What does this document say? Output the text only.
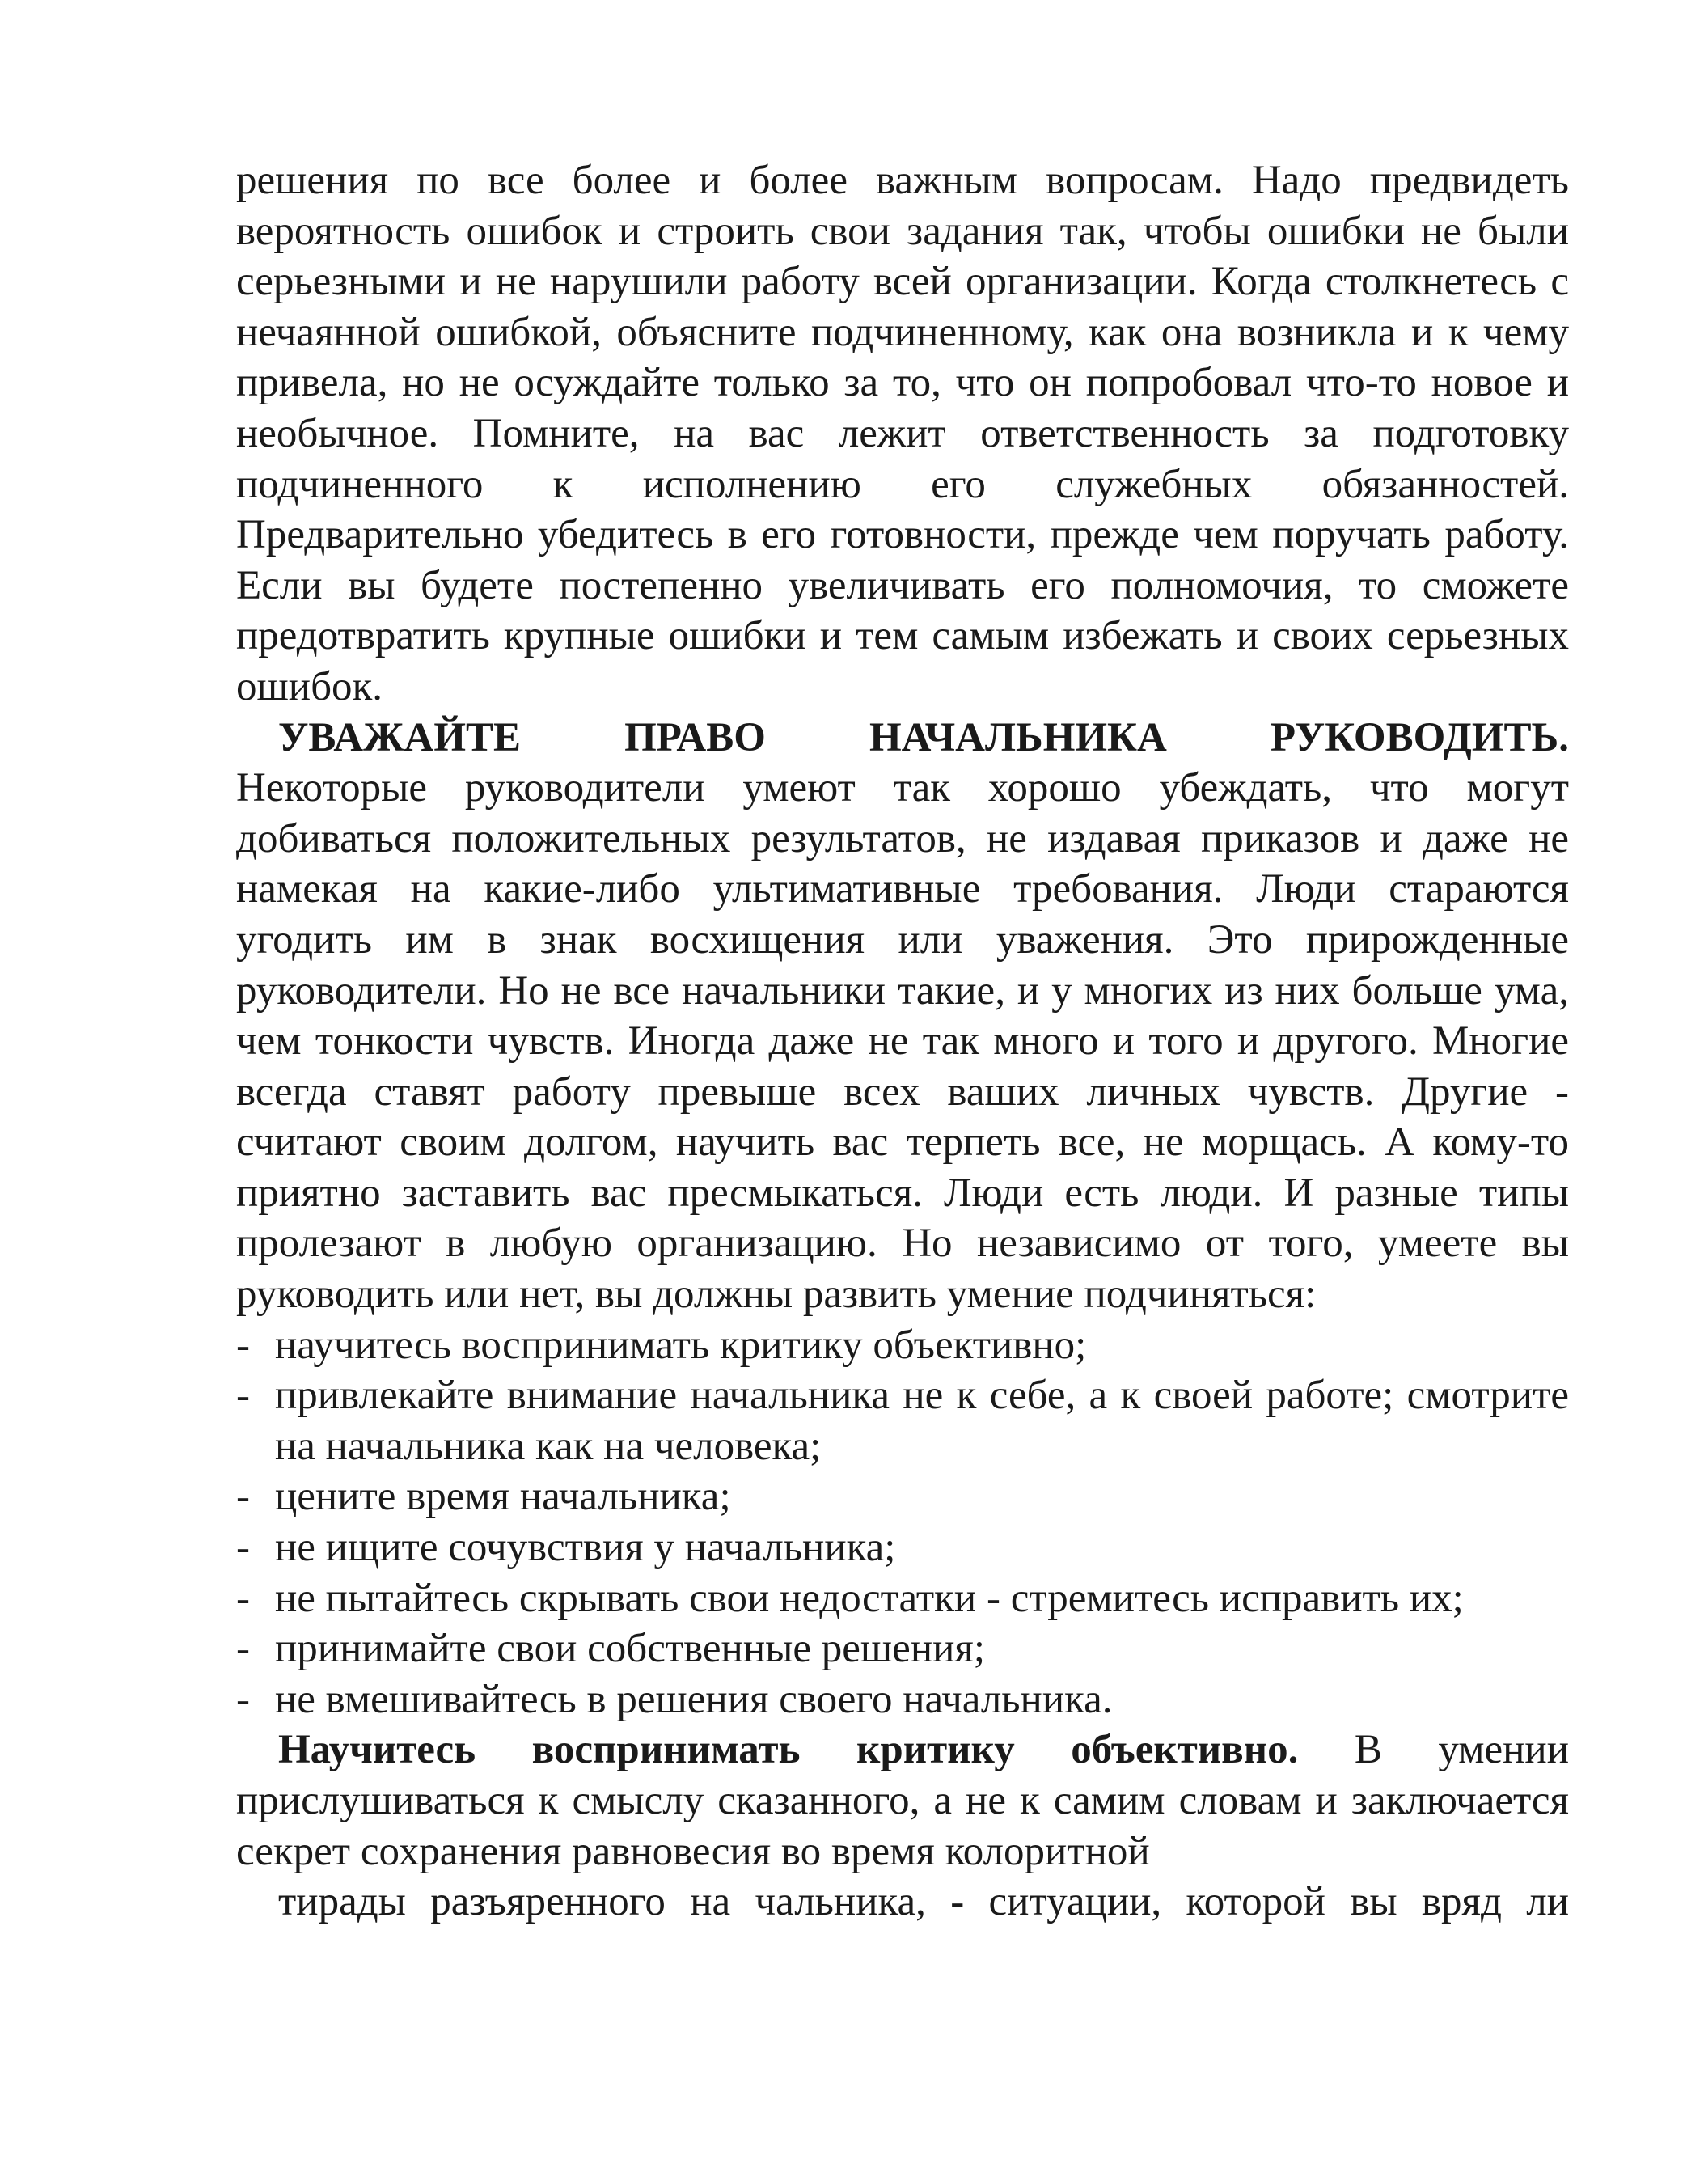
решения по все более и более важным вопросам. Надо предвидеть вероятность ошибок и строить свои задания так, чтобы ошибки не были серьезными и не нарушили работу всей организации. Когда столкнетесь с нечаянной ошибкой, объясните подчиненному, как она возникла и к чему привела, но не осуждайте только за то, что он попробовал что-то новое и необычное. Помните, на вас лежит ответственность за подготовку подчиненного к исполнению его служебных обязанностей. Предварительно убедитесь в его готовности, прежде чем поручать работу. Если вы будете постепенно увеличивать его полномочия, то сможете предотвратить крупные ошибки и тем самым избежать и своих серьезных ошибок.

УВАЖАЙТЕ ПРАВО НАЧАЛЬНИКА РУКОВОДИТЬ.
Некоторые руководители умеют так хорошо убеждать, что могут добиваться положительных результатов, не издавая приказов и даже не намекая на какие-либо ультимативные требования. Люди стараются угодить им в знак восхищения или уважения. Это прирожденные руководители. Но не все начальники такие, и у многих из них больше ума, чем тонкости чувств. Иногда даже не так много и того и другого. Многие всегда ставят работу превыше всех ваших личных чувств. Другие - считают своим долгом, научить вас терпеть все, не морщась. А кому-то приятно заставить вас пресмыкаться. Люди есть люди. И разные типы пролезают в любую организацию. Но независимо от того, умеете вы руководить или нет, вы должны развить умение подчиняться:

- научитесь воспринимать критику объективно;
- привлекайте внимание начальника не к себе, а к своей работе; смотрите на начальника как на человека;
- цените время начальника;
- не ищите сочувствия у начальника;
- не пытайтесь скрывать свои недостатки - стремитесь исправить их;
- принимайте свои собственные решения;
- не вмешивайтесь в решения своего начальника.

Научитесь воспринимать критику объективно. В умении прислушиваться к смыслу сказанного, а не к самим словам и заключается секрет сохранения равновесия во время колоритной
тирады разъяренного на чальника, - ситуации, которой вы вряд ли
